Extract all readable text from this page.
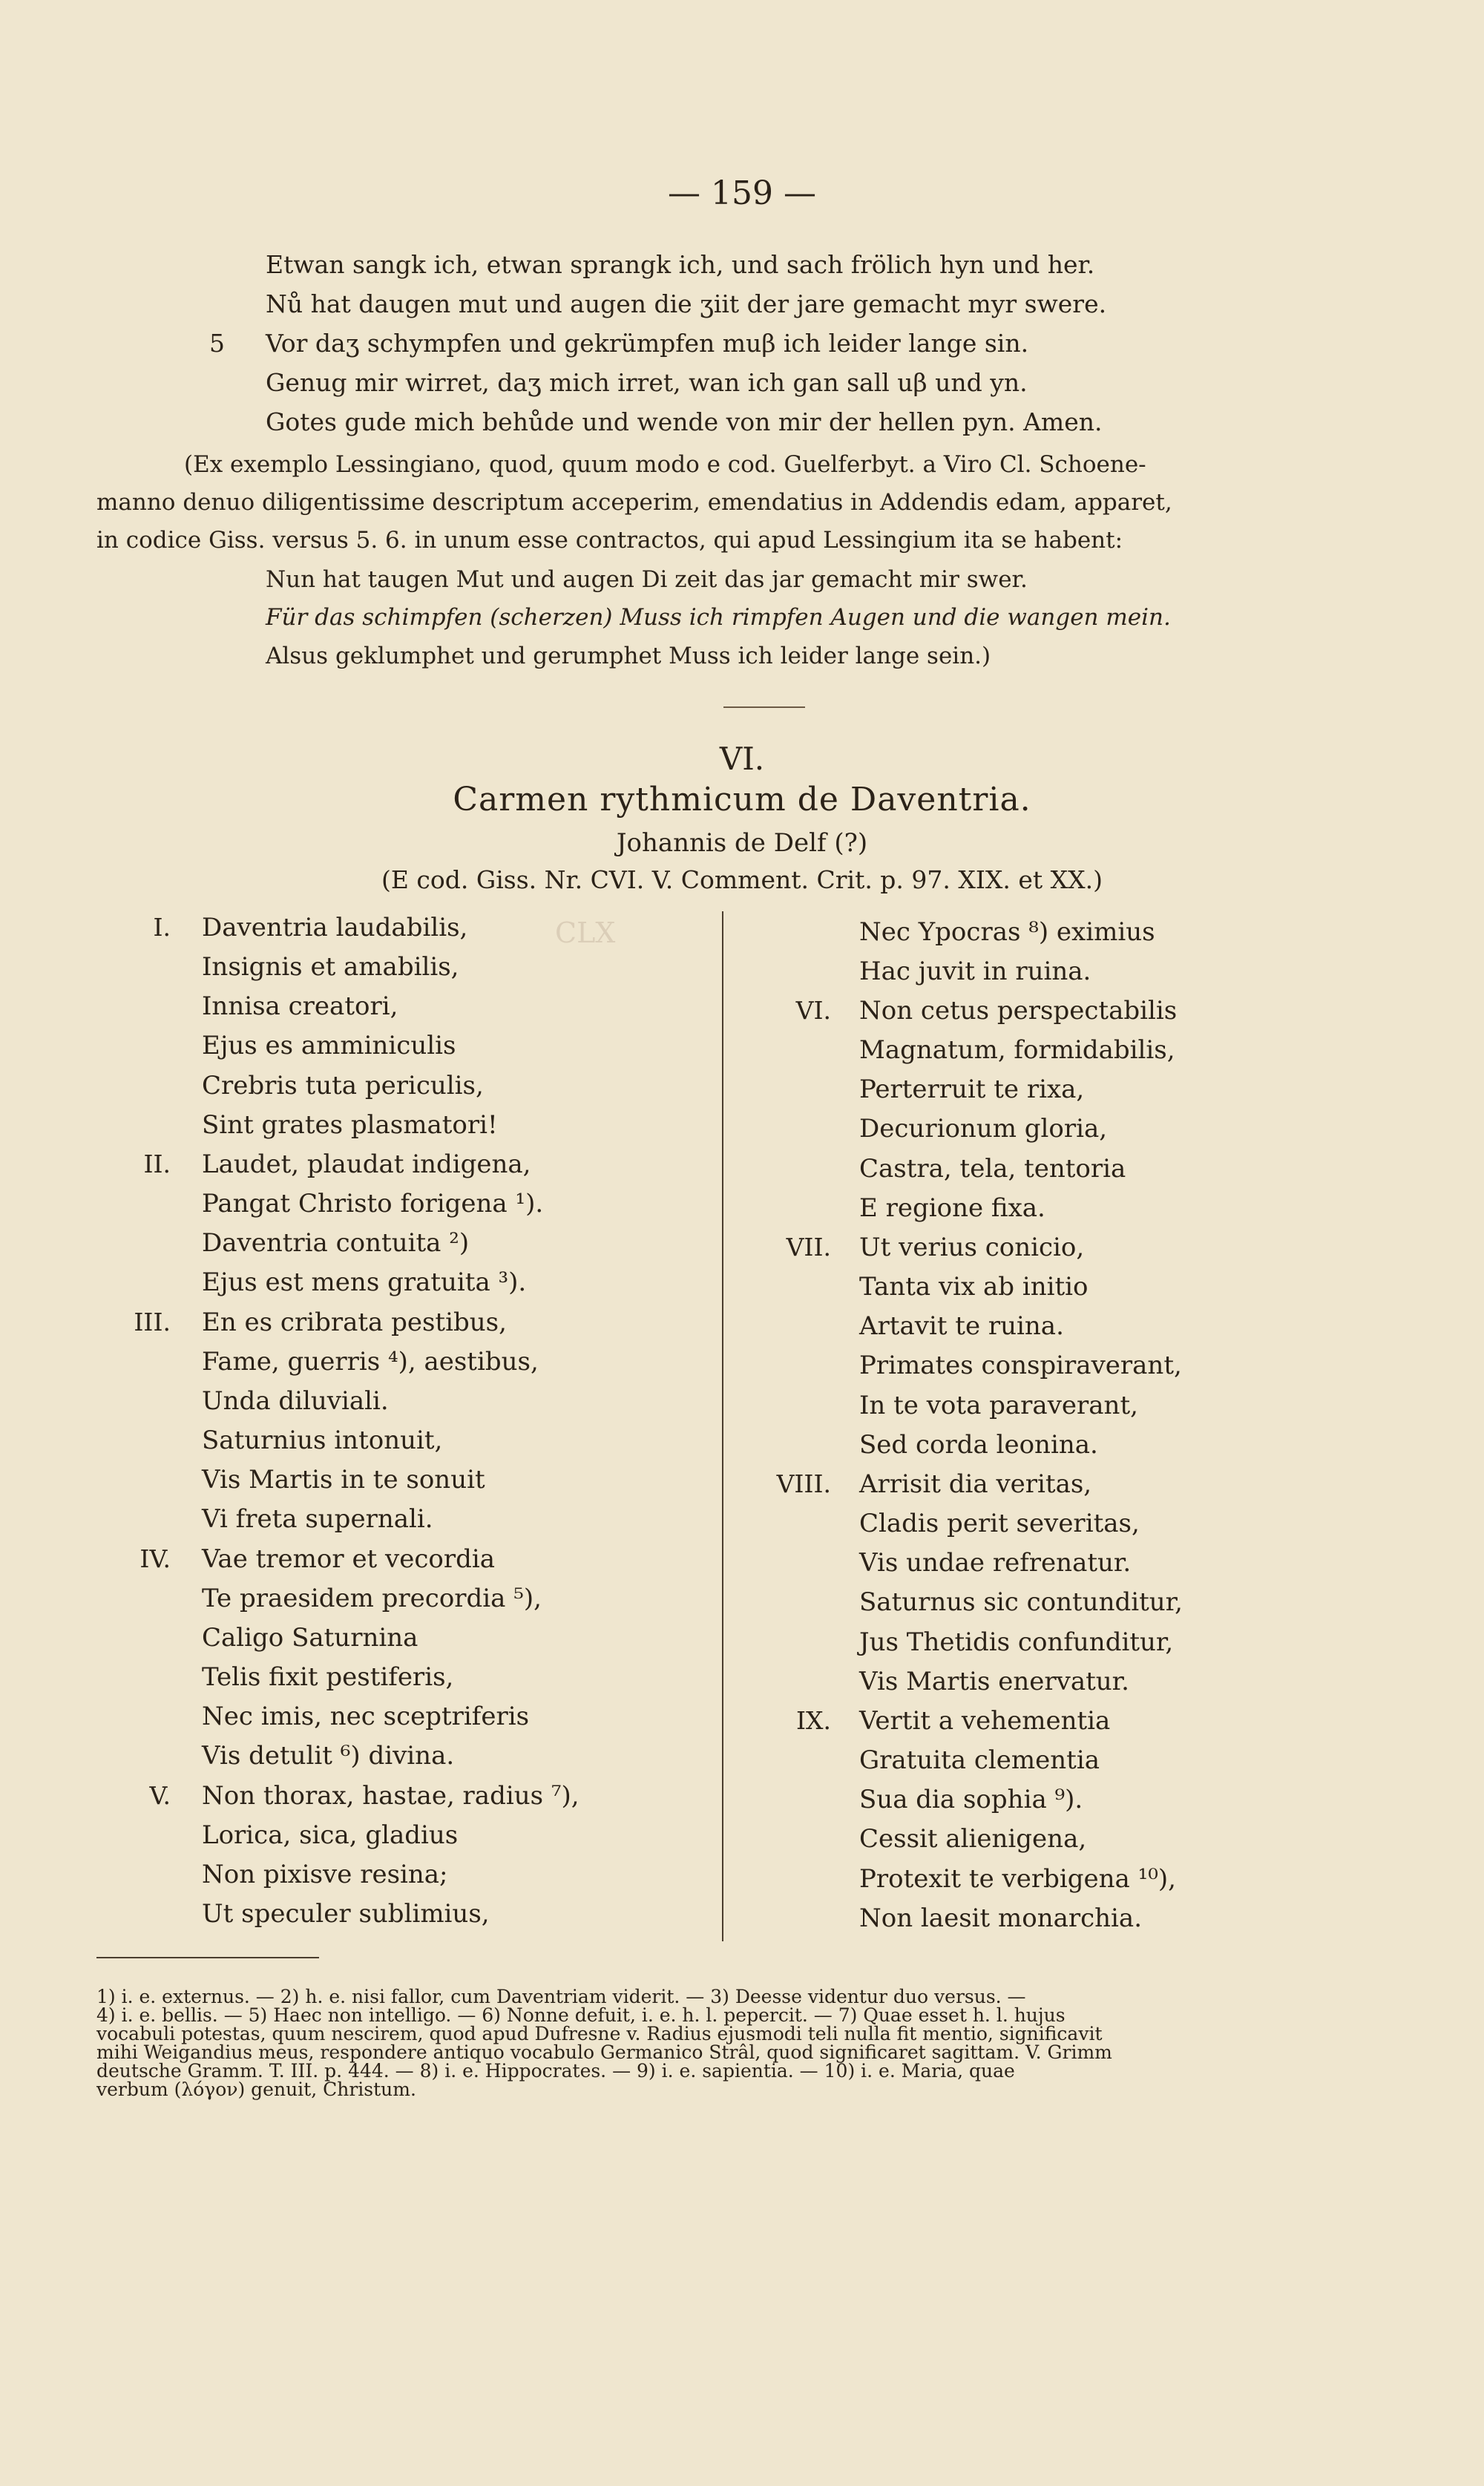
— 159 —
Etwan sangk ich, etwan sprangk ich, und sach frölich hyn und her.
Nů hat daugen mut und augen die ʒiit der jare gemacht myr swere.
5 Vor daʒ schympfen und gekrümpfen muβ ich leider lange sin.
Genug mir wirret, daʒ mich irret, wan ich gan sall uβ und yn.
Gotes gude mich behůde und wende von mir der hellen pyn. Amen.
(Ex exemplo Lessingiano, quod, quum modo e cod. Guelferbyt. a Viro Cl. Schoene-
manno denuo diligentissime descriptum acceperim, emendatius in Addendis edam, apparet,
in codice Giss. versus 5. 6. in unum esse contractos, qui apud Lessingium ita se habent:
Nun hat taugen Mut und augen Di zeit das jar gemacht mir swer.
Für das schimpfen (scherzen) Muss ich rimpfen Augen und die wangen mein.
Alsus geklumphet und gerumphet Muss ich leider lange sein.)
VI.
Carmen rythmicum de Daventria.
Johannis de Delf (?)
(E cod. Giss. Nr. CVI. V. Comment. Crit. p. 97. XIX. et XX.)
CLX
I. Daventria laudabilis,
Insignis et amabilis,
Innisa creatori,
Ejus es amminiculis
Crebris tuta periculis,
Sint grates plasmatori!
II. Laudet, plaudat indigena,
Pangat Christo forigena ¹).
Daventria contuita ²)
Ejus est mens gratuita ³).
III. En es cribrata pestibus,
Fame, guerris ⁴), aestibus,
Unda diluviali.
Saturnius intonuit,
Vis Martis in te sonuit
Vi freta supernali.
IV. Vae tremor et vecordia
Te praesidem precordia ⁵),
Caligo Saturnina
Telis fixit pestiferis,
Nec imis, nec sceptriferis
Vis detulit ⁶) divina.
V. Non thorax, hastae, radius ⁷),
Lorica, sica, gladius
Non pixisve resina;
Ut speculer sublimius,
Nec Ypocras ⁸) eximius
Hac juvit in ruina.
VI. Non cetus perspectabilis
Magnatum, formidabilis,
Perterruit te rixa,
Decurionum gloria,
Castra, tela, tentoria
E regione fixa.
VII. Ut verius conicio,
Tanta vix ab initio
Artavit te ruina.
Primates conspiraverant,
In te vota paraverant,
Sed corda leonina.
VIII. Arrisit dia veritas,
Cladis perit severitas,
Vis undae refrenatur.
Saturnus sic contunditur,
Jus Thetidis confunditur,
Vis Martis enervatur.
IX. Vertit a vehementia
Gratuita clementia
Sua dia sophia ⁹).
Cessit alienigena,
Protexit te verbigena ¹⁰),
Non laesit monarchia.

1) i. e. externus. — 2) h. e. nisi fallor, cum Daventriam viderit. — 3) Deesse videntur duo versus. —

4) i. e. bellis. — 5) Haec non intelligo. — 6) Nonne defuit, i. e. h. l. pepercit. — 7) Quae esset h. l. hujus

vocabuli potestas, quum nescirem, quod apud Dufresne v. Radius ejusmodi teli nulla fit mentio, significavit

mihi Weigandius meus, respondere antiquo vocabulo Germanico Strâl, quod significaret sagittam. V. Grimm

deutsche Gramm. T. III. p. 444. — 8) i. e. Hippocrates. — 9) i. e. sapientia. — 10) i. e. Maria, quae

verbum (λόγον) genuit, Christum.
